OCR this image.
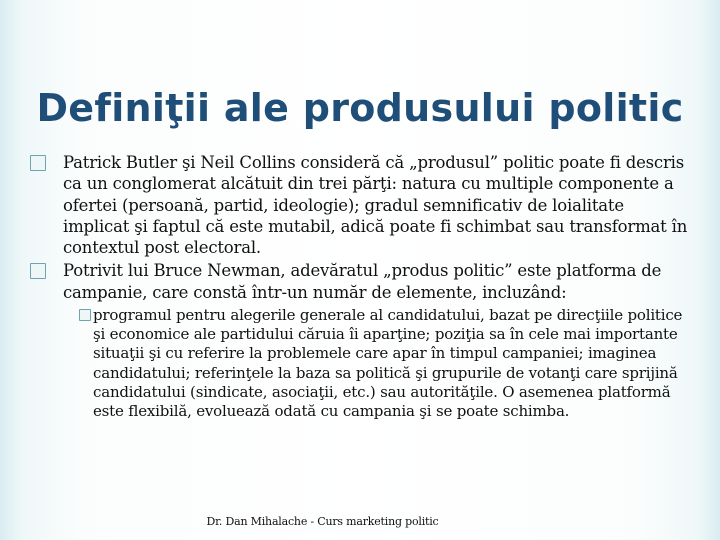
Definiţii ale produsului politic
Patrick Butler şi Neil Collins consideră că „produsul” politic poate fi descris ca un conglomerat alcătuit din trei părţi: natura cu multiple componente a ofertei (persoană, partid, ideologie); gradul semnificativ de loialitate implicat şi faptul că este mutabil, adică poate fi schimbat sau transformat în contextul post electoral.
Potrivit lui Bruce Newman, adevăratul „produs politic” este platforma de campanie, care constă într-un număr de elemente, incluzând:
programul pentru alegerile generale al candidatului, bazat pe direcţiile politice şi economice ale partidului căruia îi aparţine; poziţia sa în cele mai importante situaţii şi cu referire la problemele care apar în timpul campaniei; imaginea candidatului; referinţele la baza sa politică şi grupurile de votanţi care sprijină candidatului (sindicate, asociaţii, etc.) sau autorităţile. O asemenea platformă este flexibilă, evoluează odată cu campania şi se poate schimba.
Dr. Dan Mihalache - Curs marketing politic
